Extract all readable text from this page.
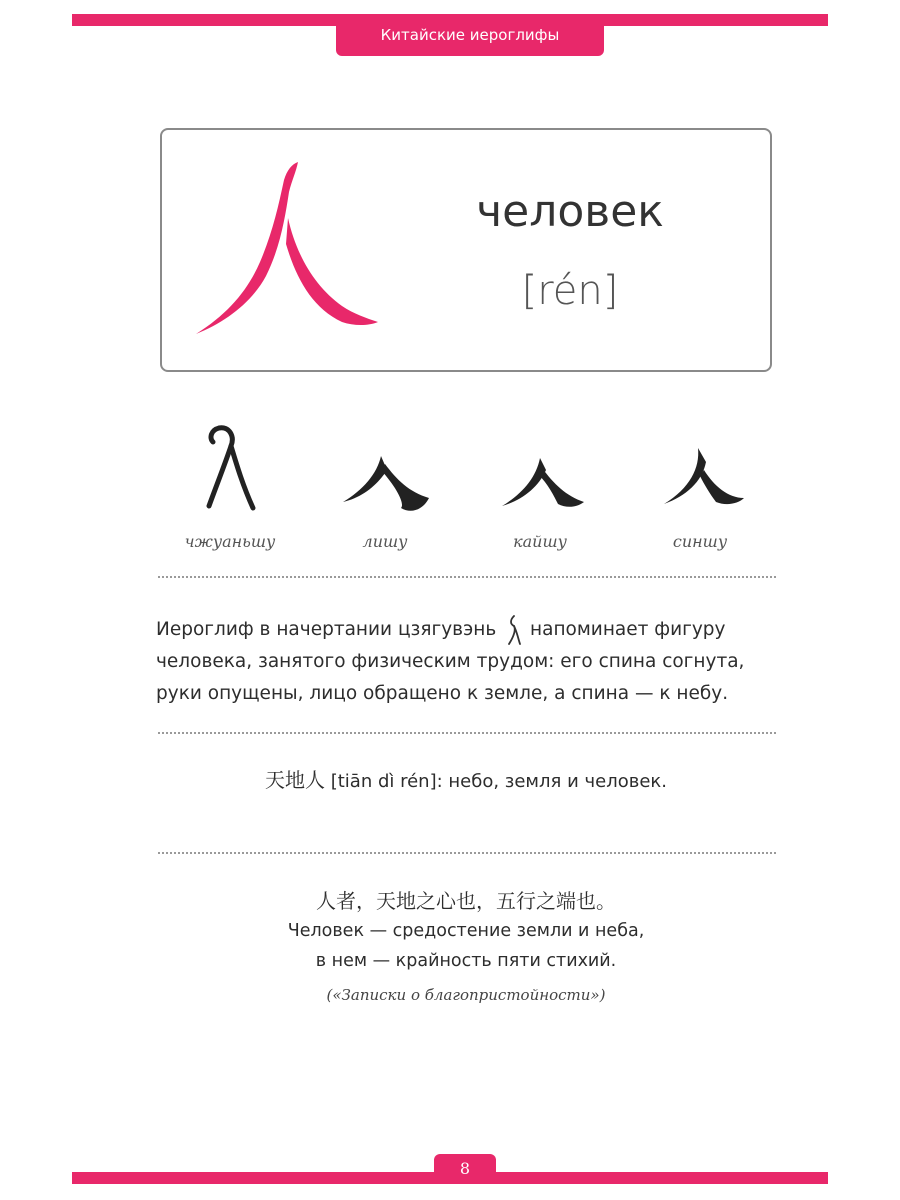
Китайские иероглифы
человек
[rén]
чжуаньшу	лишу	кайшу	синшу
Иероглиф в начертании цзягувэнь  напоминает фигуру человека, занятого физическим трудом: его спина согнута, руки опущены, лицо обращено к земле, а спина — к небу.
天地人 [tiān dì rén]: небо, земля и человек.
人者，天地之心也，五行之端也。
Человек — средостение земли и неба,
в нем — крайность пяти стихий.
(«Записки о благопристойности»)
8
